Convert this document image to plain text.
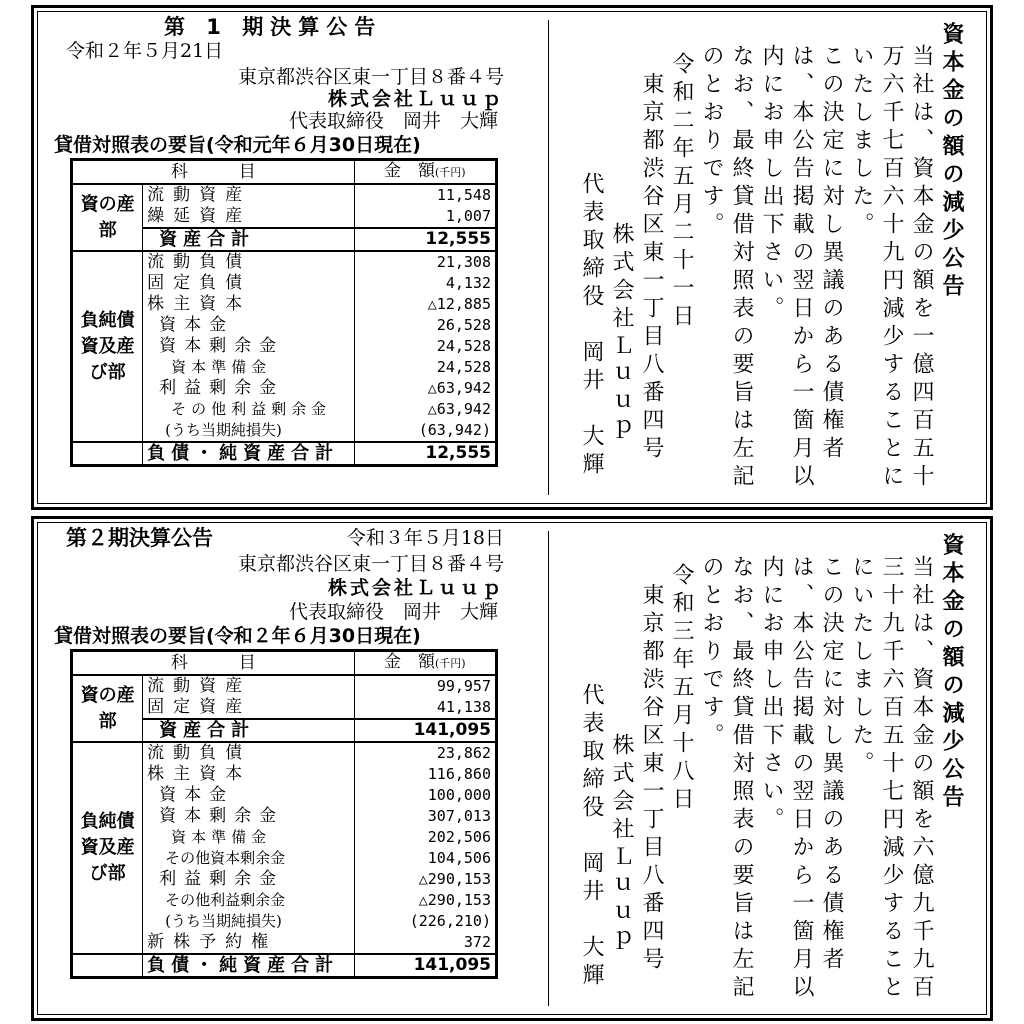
第 1 期決算公告
令和２年５月21日
東京都渋谷区東一丁目８番４号
株式会社Ｌｕｕｐ
代表取締役　岡井　大輝
貸借対照表の要旨(令和元年６月30日現在)
科　　　目		金　額(千円)
資の産部	流動資産	11,548
	繰延資産	1,007
	資産合計	12,555
負純債資及産び部	流動負債	21,308
	固定負債	4,132
	株主資本	△12,885
	資本金	26,528
	資本剰余金	24,528
	資本準備金	24,528
	利益剰余金	△63,942
	その他利益剰余金	△63,942
	(うち当期純損失)	(63,942)
	負債・純資産合計	12,555

資本金の額の減少公告

当社は、資本金の額を一億四百五十万六千七百六十九円減少することにいたしました。

この決定に対し異議のある債権者は、本公告掲載の翌日から一箇月以内にお申し出下さい。

なお、最終貸借対照表の要旨は左記のとおりです。

令和二年五月二十一日

東京都渋谷区東一丁目八番四号

株式会社Ｌｕｕｐ

代表取締役　岡井　大輝

第２期決算公告	令和３年５月18日
東京都渋谷区東一丁目８番４号
株式会社Ｌｕｕｐ
代表取締役　岡井　大輝
貸借対照表の要旨(令和２年６月30日現在)
科　　　目		金　額(千円)
資の産部	流動資産	99,957
	固定資産	41,138
	資産合計	141,095
負純債資及産び部	流動負債	23,862
	株主資本	116,860
	資本金	100,000
	資本剰余金	307,013
	資本準備金	202,506
	その他資本剰余金	104,506
	利益剰余金	△290,153
	その他利益剰余金	△290,153
	(うち当期純損失)	(226,210)
	新株予約権	372
	負債・純資産合計	141,095

資本金の額の減少公告

当社は、資本金の額を六億九千九百三十九千六百五十七円減少することにいたしました。

この決定に対し異議のある債権者は、本公告掲載の翌日から一箇月以内にお申し出下さい。

なお、最終貸借対照表の要旨は左記のとおりです。

令和三年五月十八日

東京都渋谷区東一丁目八番四号

株式会社Ｌｕｕｐ

代表取締役　岡井　大輝
